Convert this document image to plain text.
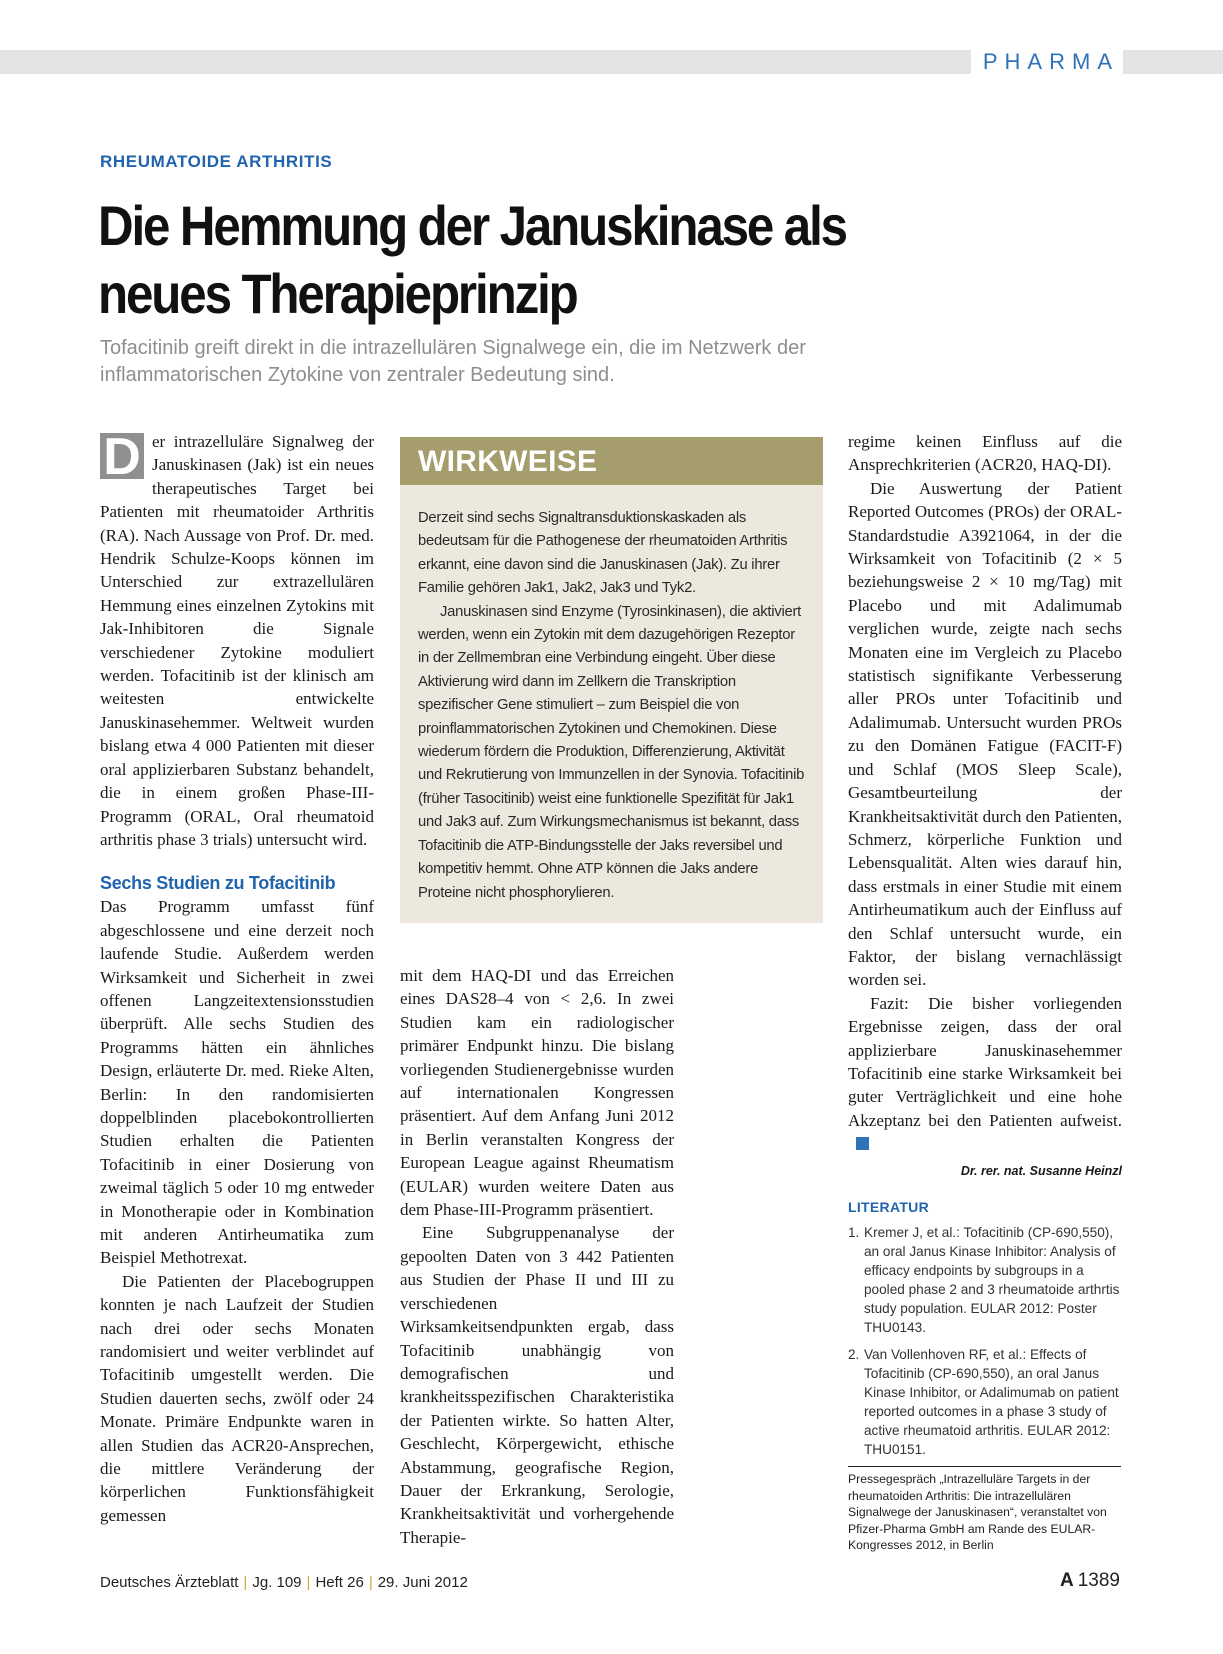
PHARMA
RHEUMATOIDE ARTHRITIS
Die Hemmung der Januskinase als neues Therapieprinzip
Tofacitinib greift direkt in die intrazellulären Signalwege ein, die im Netzwerk der inflammatorischen Zytokine von zentraler Bedeutung sind.

D er intrazelluläre Signalweg der Januskinasen (Jak) ist ein neues therapeutisches Target bei Patienten mit rheumatoider Arthritis (RA). Nach Aussage von Prof. Dr. med. Hendrik Schulze-Koops können im Unterschied zur extrazellulären Hemmung eines einzelnen Zytokins mit Jak-Inhibitoren die Signale verschiedener Zytokine moduliert werden. Tofacitinib ist der klinisch am weitesten entwickelte Januskinasehemmer. Weltweit wurden bislang etwa 4 000 Patienten mit dieser oral applizierbaren Substanz behandelt, die in einem großen Phase-III-Programm (ORAL, Oral rheumatoid arthritis phase 3 trials) untersucht wird.

Sechs Studien zu Tofacitinib

Das Programm umfasst fünf abgeschlossene und eine derzeit noch laufende Studie. Außerdem werden Wirksamkeit und Sicherheit in zwei offenen Langzeitextensionsstudien überprüft. Alle sechs Studien des Programms hätten ein ähnliches Design, erläuterte Dr. med. Rieke Alten, Berlin: In den randomisierten doppelblinden placebokontrollierten Studien erhalten die Patienten Tofacitinib in einer Dosierung von zweimal täglich 5 oder 10 mg entweder in Monotherapie oder in Kombination mit anderen Antirheumatika zum Beispiel Methotrexat.

Die Patienten der Placebogruppen konnten je nach Laufzeit der Studien nach drei oder sechs Monaten randomisiert und weiter verblindet auf Tofacitinib umgestellt werden. Die Studien dauerten sechs, zwölf oder 24 Monate. Primäre Endpunkte waren in allen Studien das ACR20-Ansprechen, die mittlere Veränderung der körperlichen Funktionsfähigkeit gemessen

WIRKWEISE

Derzeit sind sechs Signaltransduktionskaskaden als bedeutsam für die Pathogenese der rheumatoiden Arthritis erkannt, eine davon sind die Januskinasen (Jak). Zu ihrer Familie gehören Jak1, Jak2, Jak3 und Tyk2.

Januskinasen sind Enzyme (Tyrosinkinasen), die aktiviert werden, wenn ein Zytokin mit dem dazugehörigen Rezeptor in der Zellmembran eine Verbindung eingeht. Über diese Aktivierung wird dann im Zellkern die Transkription spezifischer Gene stimuliert – zum Beispiel die von proinflammatorischen Zytokinen und Chemokinen. Diese wiederum fördern die Produktion, Differenzierung, Aktivität und Rekrutierung von Immunzellen in der Synovia. Tofacitinib (früher Tasocitinib) weist eine funktionelle Spezifität für Jak1 und Jak3 auf. Zum Wirkungsmechanismus ist bekannt, dass Tofacitinib die ATP-Bindungsstelle der Jaks reversibel und kompetitiv hemmt. Ohne ATP können die Jaks andere Proteine nicht phosphorylieren.

mit dem HAQ-DI und das Erreichen eines DAS28–4 von < 2,6. In zwei Studien kam ein radiologischer primärer Endpunkt hinzu. Die bislang vorliegenden Studienergebnisse wurden auf internationalen Kongressen präsentiert. Auf dem Anfang Juni 2012 in Berlin veranstalten Kongress der European League against Rheumatism (EULAR) wurden weitere Daten aus dem Phase-III-Programm präsentiert.

Eine Subgruppenanalyse der gepoolten Daten von 3 442 Patienten aus Studien der Phase II und III zu verschiedenen Wirksamkeitsendpunkten ergab, dass Tofacitinib unabhängig von demografischen und krankheitsspezifischen Charakteristika der Patienten wirkte. So hatten Alter, Geschlecht, Körpergewicht, ethische Abstammung, geografische Region, Dauer der Erkrankung, Serologie, Krankheitsaktivität und vorhergehende Therapie-

regime keinen Einfluss auf die Ansprechkriterien (ACR20, HAQ-DI).

Die Auswertung der Patient Reported Outcomes (PROs) der ORAL-Standardstudie A3921064, in der die Wirksamkeit von Tofacitinib (2 × 5 beziehungsweise 2 × 10 mg/Tag) mit Placebo und mit Adalimumab verglichen wurde, zeigte nach sechs Monaten eine im Vergleich zu Placebo statistisch signifikante Verbesserung aller PROs unter Tofacitinib und Adalimumab. Untersucht wurden PROs zu den Domänen Fatigue (FACIT-F) und Schlaf (MOS Sleep Scale), Gesamtbeurteilung der Krankheitsaktivität durch den Patienten, Schmerz, körperliche Funktion und Lebensqualität. Alten wies darauf hin, dass erstmals in einer Studie mit einem Antirheumatikum auch der Einfluss auf den Schlaf untersucht wurde, ein Faktor, der bislang vernachlässigt worden sei.

Fazit: Die bisher vorliegenden Ergebnisse zeigen, dass der oral applizierbare Januskinasehemmer Tofacitinib eine starke Wirksamkeit bei guter Verträglichkeit und eine hohe Akzeptanz bei den Patienten aufweist.

Dr. rer. nat. Susanne Heinzl
LITERATUR
1. Kremer J, et al.: Tofacitinib (CP-690,550), an oral Janus Kinase Inhibitor: Analysis of efficacy endpoints by subgroups in a pooled phase 2 and 3 rheumatoide arthrtis study population. EULAR 2012: Poster THU0143.
2. Van Vollenhoven RF, et al.: Effects of Tofacitinib (CP-690,550), an oral Janus Kinase Inhibitor, or Adalimumab on patient reported outcomes in a phase 3 study of active rheumatoid arthritis. EULAR 2012: THU0151.
Pressegespräch „Intrazelluläre Targets in der rheumatoiden Arthritis: Die intrazellulären Signalwege der Januskinasen“, veranstaltet von Pfizer-Pharma GmbH am Rande des EULAR-Kongresses 2012, in Berlin
Deutsches Ärzteblatt | Jg. 109 | Heft 26 | 29. Juni 2012	A 1389
